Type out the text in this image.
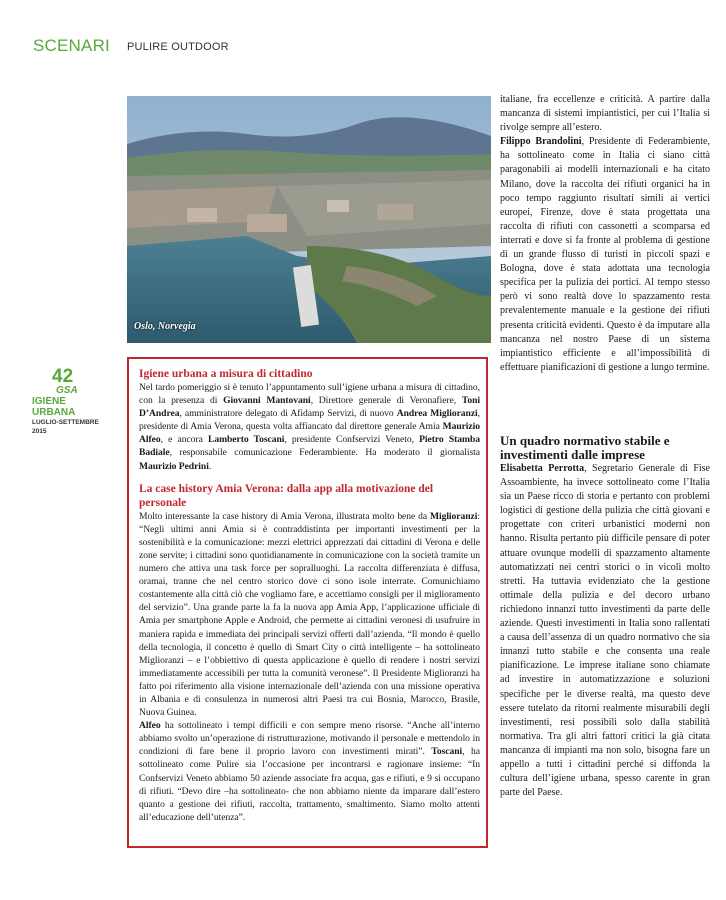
SCENARI PULIRE OUTDOOR
Oslo, Norvegia
42
GSA
IGIENE URBANA
LUGLIO-SETTEMBRE 2015
Igiene urbana a misura di cittadino

Nel tardo pomeriggio si è tenuto l’appuntamento sull’igiene urbana a misura di cittadino, con la presenza di Giovanni Mantovani, Direttore generale di Veronafiere, Toni D’Andrea, amministratore delegato di Afidamp Servizi, di nuovo Andrea Miglioranzi, presidente di Amia Verona, questa volta affiancato dal direttore generale Amia Maurizio Alfeo, e ancora Lamberto Toscani, presidente Confservizi Veneto, Pietro Stamba Badiale, responsabile comunicazione Federambiente. Ha moderato il giornalista Maurizio Pedrini.

La case history Amia Verona: dalla app alla motivazione del personale

Molto interessante la case history di Amia Verona, illustrata molto bene da Miglioranzi: “Negli ultimi anni Amia si è contraddistinta per importanti investimenti per la sostenibilità e la comunicazione: mezzi elettrici apprezzati dai cittadini di Verona e delle zone servite; i cittadini sono quotidianamente in comunicazione con la società tramite un numero che attiva una task force per sopralluoghi. La raccolta differenziata è diffusa, oramai, tranne che nel centro storico dove ci sono isole interrate. Comunichiamo costantemente alla città ciò che vogliamo fare, e accettiamo consigli per il miglioramento del servizio”. Una grande parte la fa la nuova app Amia App, l’applicazione ufficiale di Amia per smartphone Apple e Android, che permette ai cittadini veronesi di usufruire in maniera rapida e immediata dei principali servizi offerti dall’azienda. “Il mondo è quello della tecnologia, il concetto è quello di Smart City o città intelligente – ha sottolineato Miglioranzi – e l’obbiettivo di questa applicazione è quello di rendere i nostri servizi immediatamente accessibili per tutta la comunità veronese”. Il Presidente Miglioranzi ha fatto poi riferimento alla visione internazionale dell’azienda con una missione operativa in Albania e di consulenza in numerosi altri Paesi tra cui Bosnia, Marocco, Brasile, Nuova Guinea.

Alfeo ha sottolineato i tempi difficili e con sempre meno risorse. “Anche all’interno abbiamo svolto un’operazione di ristrutturazione, motivando il personale e mettendolo in condizioni di fare bene il proprio lavoro con investimenti mirati”. Toscani, ha sottolineato come Pulire sia l’occasione per incontrarsi e ragionare insieme: “In Confservizi Veneto abbiamo 50 aziende associate fra acqua, gas e rifiuti, e 9 si occupano di rifiuti. “Devo dire –ha sottolineato- che non abbiamo niente da imparare dall’estero quanto a gestione dei rifiuti, raccolta, trattamento, smaltimento. Siamo molto attenti all’educazione dell’utenza”.

italiane, fra eccellenze e criticità. A partire dalla mancanza di sistemi impiantistici, per cui l’Italia si rivolge sempre all’estero.

Filippo Brandolini, Presidente di Federambiente, ha sottolineato come in Italia ci siano città paragonabili ai modelli internazionali e ha citato Milano, dove la raccolta dei rifiuti organici ha in poco tempo raggiunto risultati simili ai vertici europei, Firenze, dove è stata progettata una raccolta di rifiuti con cassonetti a scomparsa ed interrati e dove si fa fronte al problema di gestione di un grande flusso di turisti in piccoli spazi e Bologna, dove è stata adottata una tecnologia specifica per la pulizia dei portici. Al tempo stesso però vi sono realtà dove lo spazzamento resta prevalentemente manuale e la gestione dei rifiuti presenta criticità evidenti. Questo è da imputare alla mancanza nel nostro Paese di un sistema impiantistico efficiente e all’impossibilità di effettuare pianificazioni di gestione a lungo termine.

Un quadro normativo stabile e investimenti dalle imprese

Elisabetta Perrotta, Segretario Generale di Fise Assoambiente, ha invece sottolineato come l’Italia sia un Paese ricco di storia e pertanto con problemi logistici di gestione della pulizia che città giovani e progettate con criteri urbanistici moderni non hanno. Risulta pertanto più difficile pensare di poter attuare ovunque modelli di spazzamento altamente automatizzati nei centri storici o in vicoli molto stretti. Ha tuttavia evidenziato che la gestione ottimale della pulizia e del decoro urbano richiedono innanzi tutto investimenti da parte delle aziende. Questi investimenti in Italia sono rallentati a causa dell’assenza di un quadro normativo che sia innanzi tutto stabile e che consenta una reale pianificazione. Le imprese italiane sono chiamate ad investire in automatizzazione e soluzioni specifiche per le diverse realtà, ma questo deve essere tutelato da ritorni realmente misurabili degli investimenti, resi possibili solo dalla stabilità normativa. Tra gli altri fattori critici la già citata mancanza di impianti ma non solo, bisogna fare un appello a tutti i cittadini perché si diffonda la cultura dell’igiene urbana, spesso carente in gran parte del Paese.
